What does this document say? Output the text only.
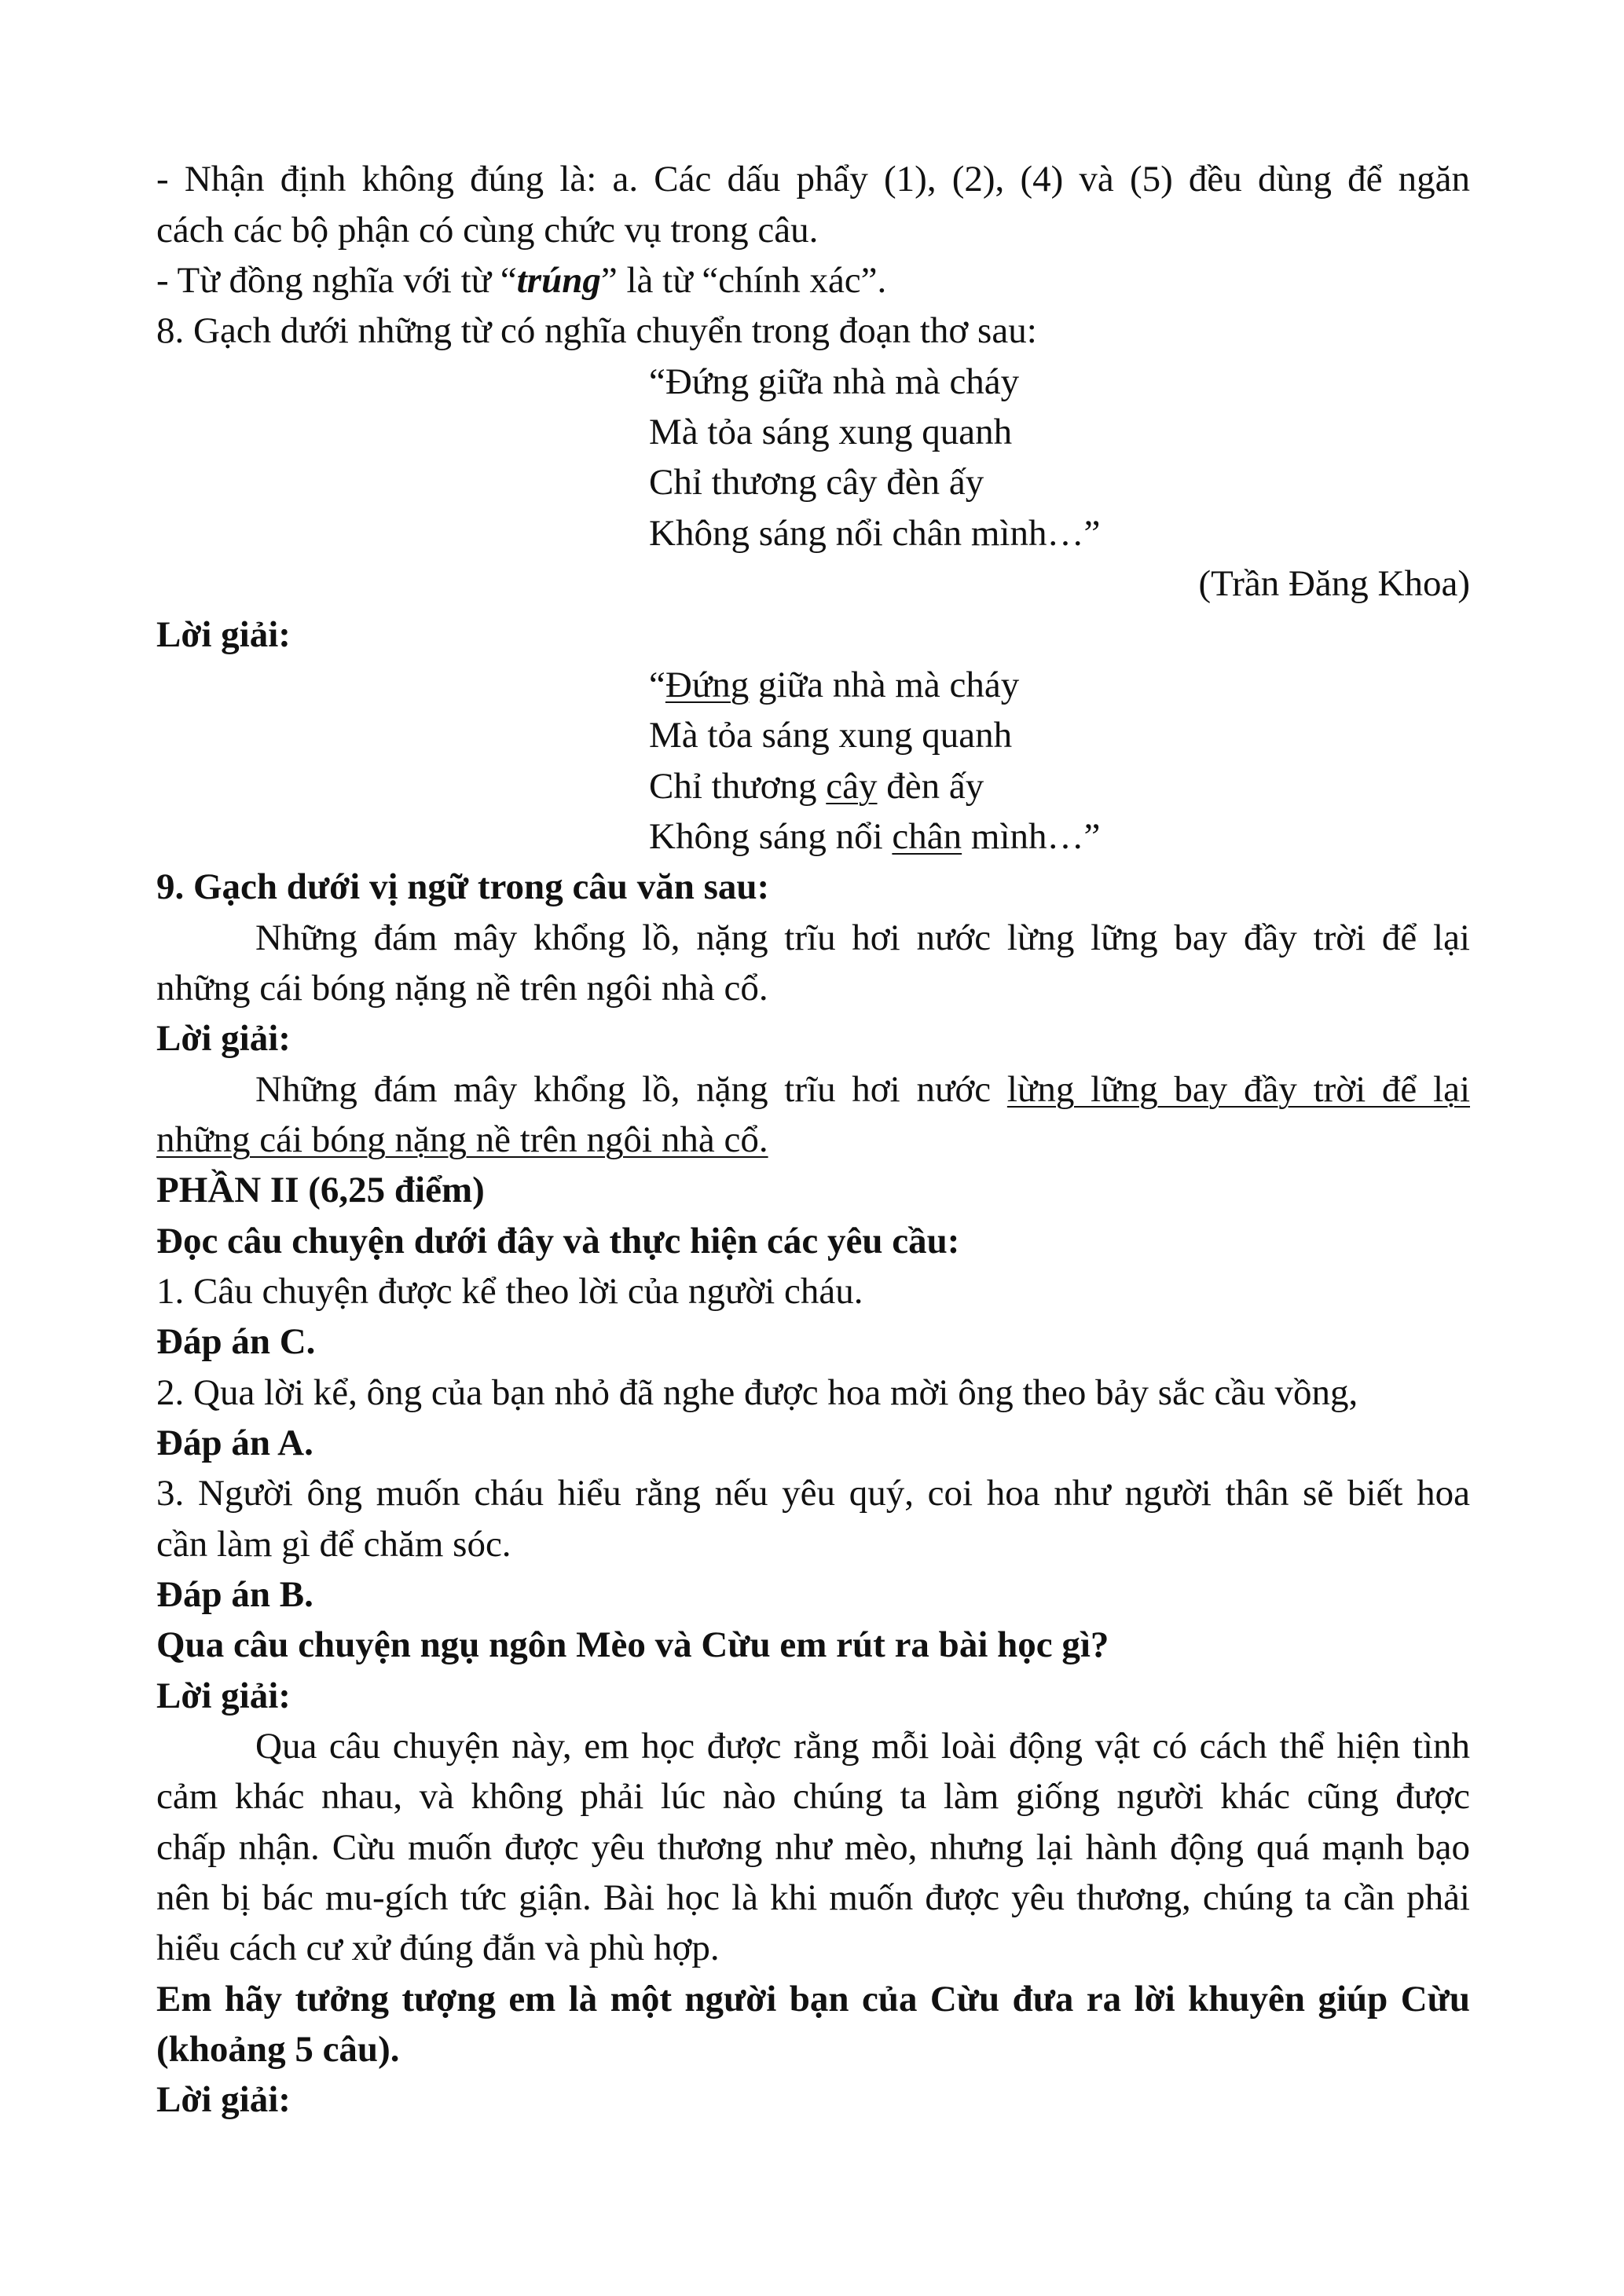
- Nhận định không đúng là: a. Các dấu phẩy (1), (2), (4) và (5) đều dùng để ngăn
cách các bộ phận có cùng chức vụ trong câu.
- Từ đồng nghĩa với từ “trúng” là từ “chính xác”.
8. Gạch dưới những từ có nghĩa chuyển trong đoạn thơ sau:
“Đứng giữa nhà mà cháy
Mà tỏa sáng xung quanh
Chỉ thương cây đèn ấy
Không sáng nổi chân mình…”
(Trần Đăng Khoa)
Lời giải:
“Đứng giữa nhà mà cháy
Mà tỏa sáng xung quanh
Chỉ thương cây đèn ấy
Không sáng nổi chân mình…”
9. Gạch dưới vị ngữ trong câu văn sau:
Những đám mây khổng lồ, nặng trĩu hơi nước lừng lững bay đầy trời để lại
những cái bóng nặng nề trên ngôi nhà cổ.
Lời giải:
Những đám mây khổng lồ, nặng trĩu hơi nước lừng lững bay đầy trời để lại
những cái bóng nặng nề trên ngôi nhà cổ.
PHẦN II (6,25 điểm)
Đọc câu chuyện dưới đây và thực hiện các yêu cầu:
1. Câu chuyện được kể theo lời của người cháu.
Đáp án C.
2. Qua lời kể, ông của bạn nhỏ đã nghe được hoa mời ông theo bảy sắc cầu vồng,
Đáp án A.
3. Người ông muốn cháu hiểu rằng nếu yêu quý, coi hoa như người thân sẽ biết hoa
cần làm gì để chăm sóc.
Đáp án B.
Qua câu chuyện ngụ ngôn Mèo và Cừu em rút ra bài học gì?
Lời giải:
Qua câu chuyện này, em học được rằng mỗi loài động vật có cách thể hiện tình
cảm khác nhau, và không phải lúc nào chúng ta làm giống người khác cũng được
chấp nhận. Cừu muốn được yêu thương như mèo, nhưng lại hành động quá mạnh bạo
nên bị bác mu-gích tức giận. Bài học là khi muốn được yêu thương, chúng ta cần phải
hiểu cách cư xử đúng đắn và phù hợp.
Em hãy tưởng tượng em là một người bạn của Cừu đưa ra lời khuyên giúp Cừu
(khoảng 5 câu).
Lời giải:
